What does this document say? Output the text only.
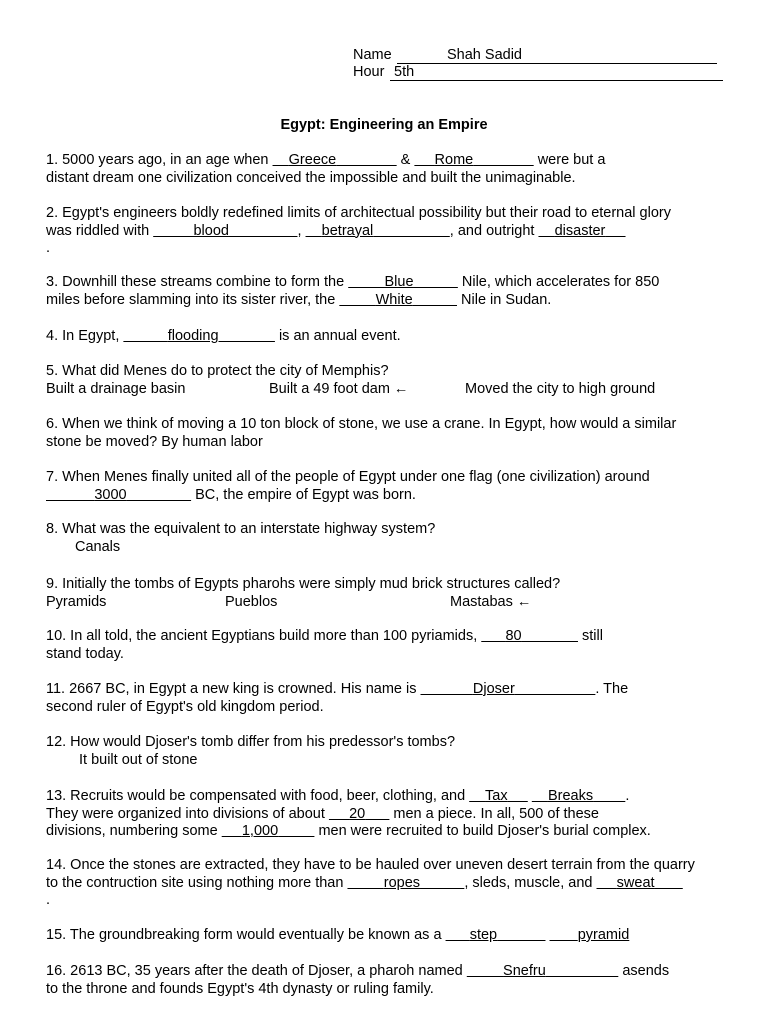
Name	Shah Sadid
Hour 5th
Egypt: Engineering an Empire
1. 5000 years ago, in an age when     Greece	&      Rome	were but a
distant dream one civilization conceived the impossible and built the unimaginable.
2. Egypt's engineers boldly redefined limits of architectual possibility but their road to eternal glory
was riddled with	blood	,     betrayal	, and outright     disaster
.
3. Downhill these streams combine to form the	Blue	Nile, which accelerates for 850
miles before slamming into its sister river, the	White	Nile in Sudan.
4. In Egypt,	flooding	is an annual event.
5. What did Menes do to protect the city of Memphis?
Built a drainage basin	Built a 49 foot dam ←	Moved the city to high ground
6. When we think of moving a 10 ton block of stone, we use a crane. In Egypt, how would a similar
stone be moved? By human labor
7. When Menes finally united all of the people of Egypt under one flag (one civilization) around
3000	BC, the empire of Egypt was born.
8. What was the equivalent to an interstate highway system?
Canals
9. Initially the tombs of Egypts pharohs were simply mud brick structures called?
Pyramids	Pueblos	Mastabas ←
10. In all told, the ancient Egyptians build more than 100 pyriamids,       80	still
stand today.
11. 2667 BC, in Egypt a new king is crowned. His name is	Djoser	. The
second ruler of Egypt's old kingdom period.
12. How would Djoser's tomb differ from his predessor's tombs?
It built out of stone
13. Recruits would be compensated with food, beer, clothing, and     Tax	Breaks .
They were organized into divisions of about      20       men a piece. In all, 500 of these
divisions, numbering some      1,000	men were recruited to build Djoser's burial complex.
14. Once the stones are extracted, they have to be hauled over uneven desert terrain from the quarry
to the contruction site using nothing more than	ropes	, sleds, muscle, and      sweat
.
15. The groundbreaking form would eventually be known as a       step	pyramid
16. 2613 BC, 35 years after the death of Djoser, a pharoh named	Snefru	asends
to the throne and founds Egypt's 4th dynasty or ruling family.
